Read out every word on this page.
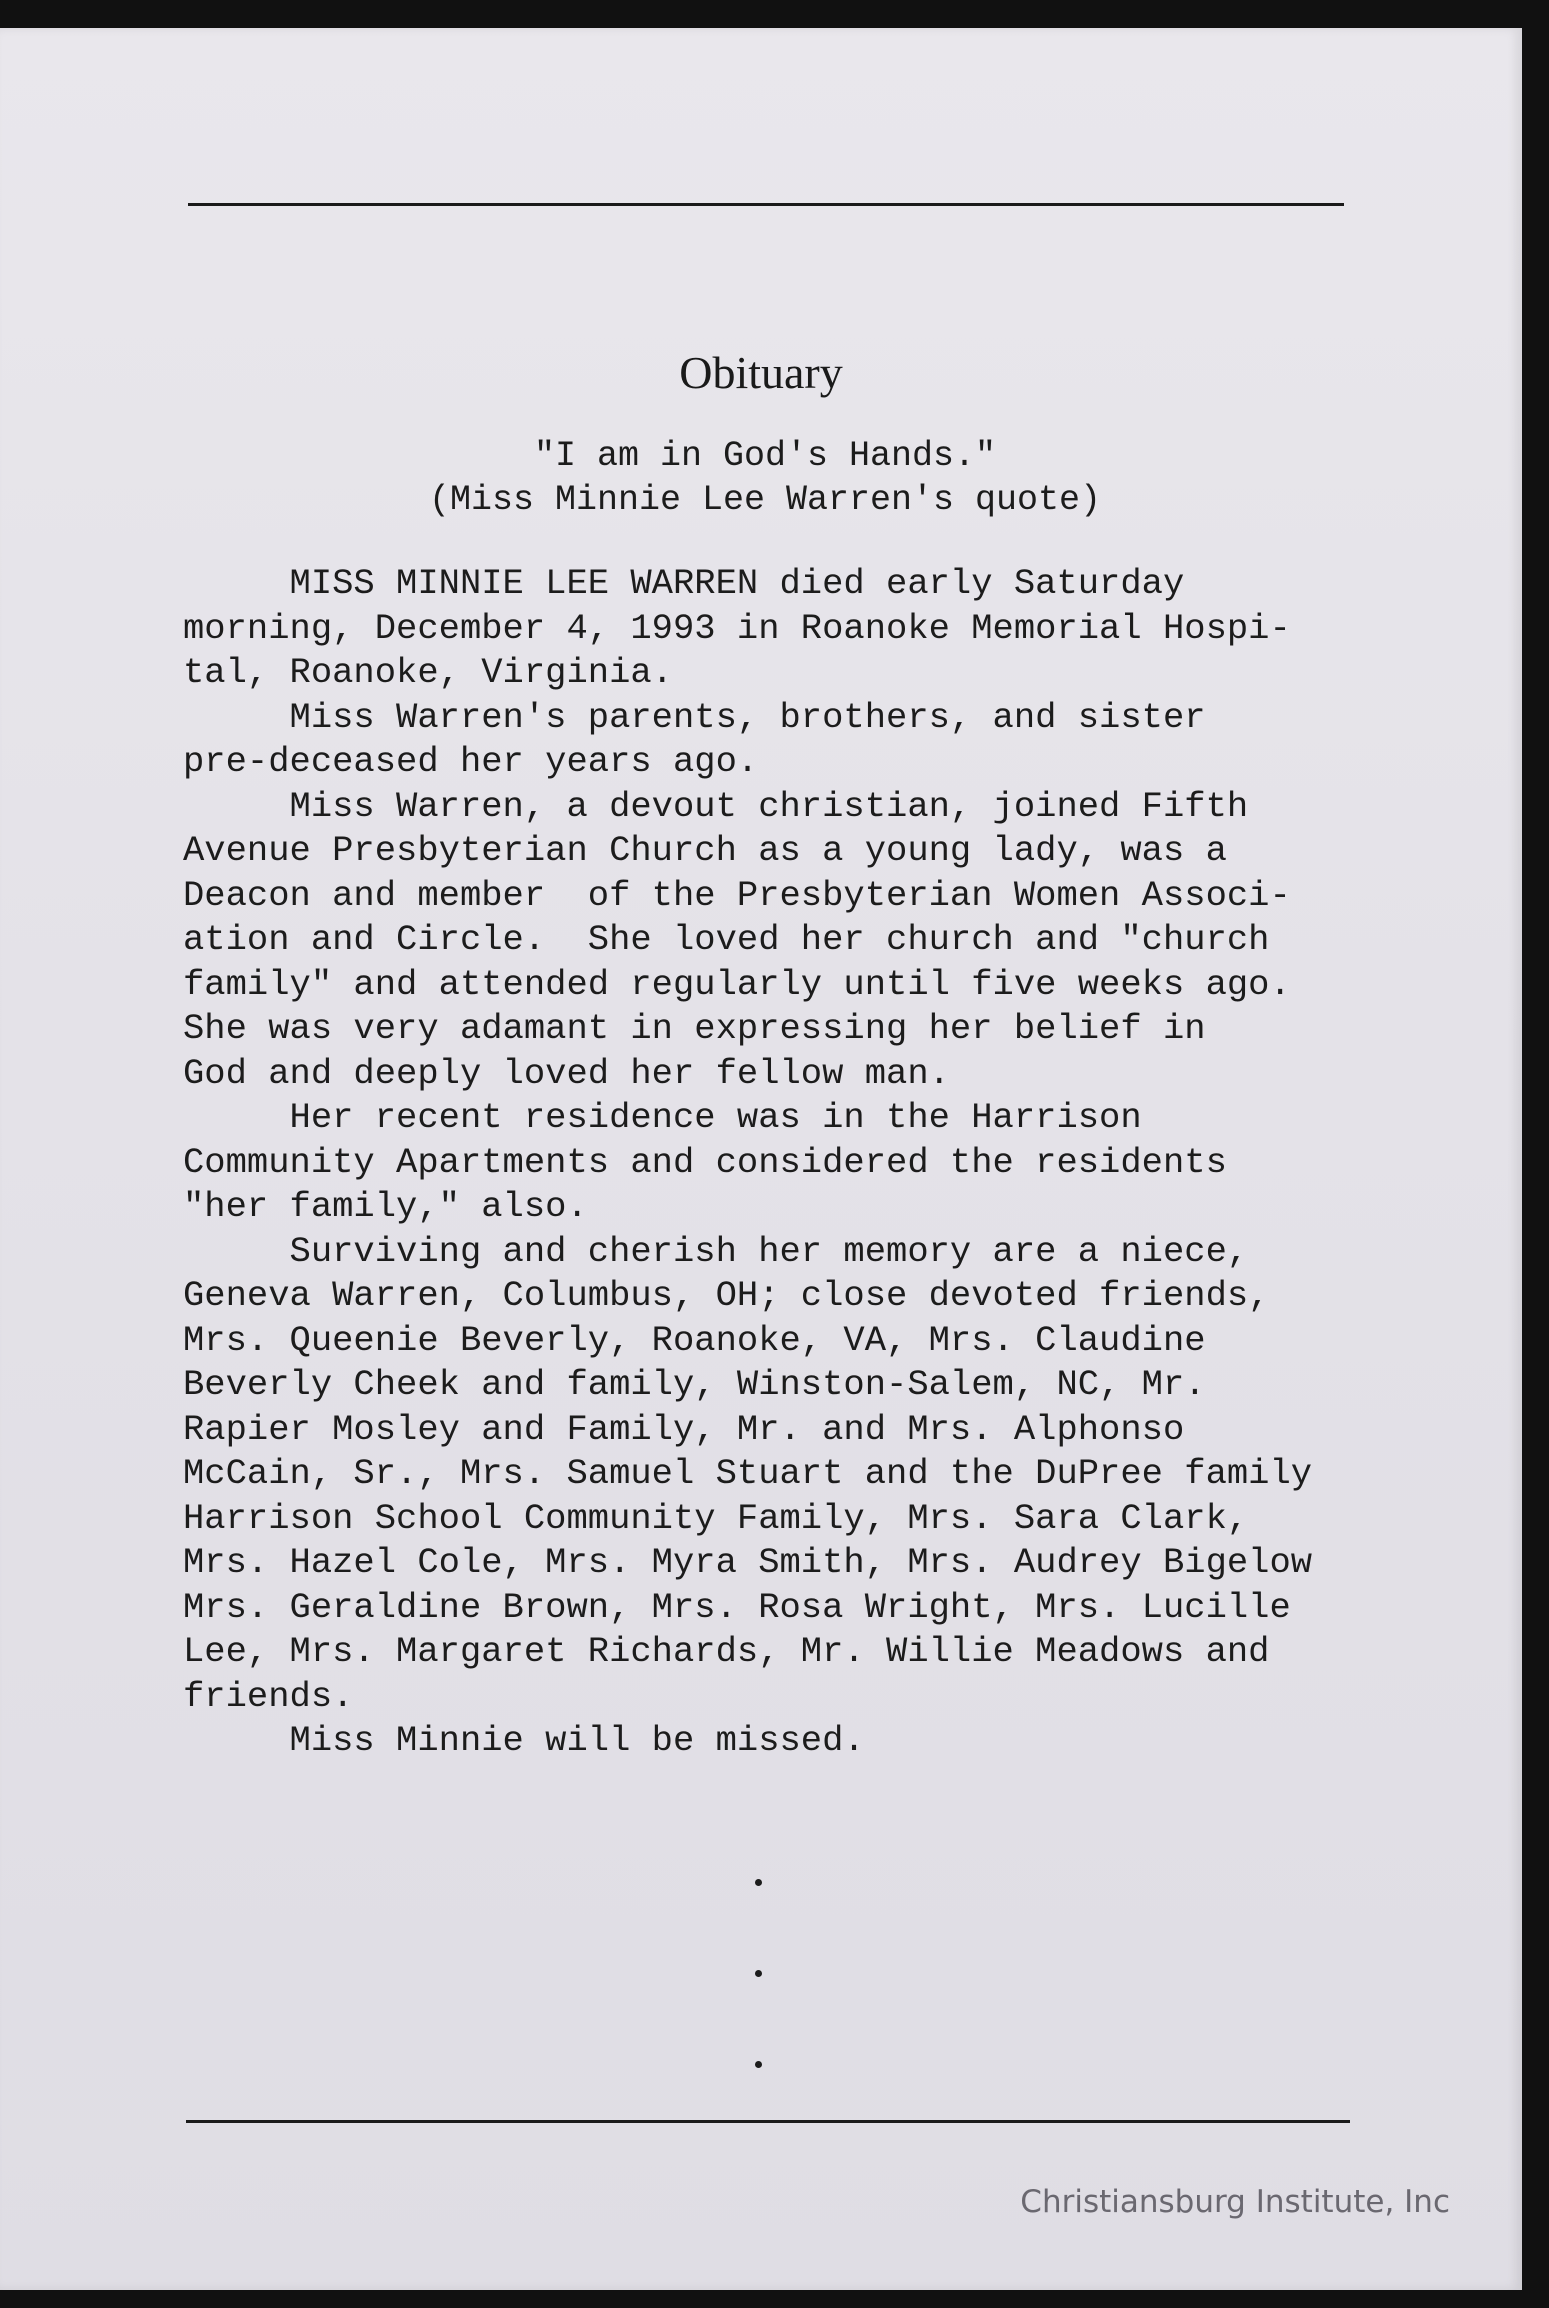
Obituary
"I am in God's Hands."
(Miss Minnie Lee Warren's quote)
MISS MINNIE LEE WARREN died early Saturday
morning, December 4, 1993 in Roanoke Memorial Hospi-
tal, Roanoke, Virginia.
Miss Warren's parents, brothers, and sister
pre-deceased her years ago.
Miss Warren, a devout christian, joined Fifth
Avenue Presbyterian Church as a young lady, was a
Deacon and member  of the Presbyterian Women Associ-
ation and Circle.  She loved her church and "church
family" and attended regularly until five weeks ago.
She was very adamant in expressing her belief in
God and deeply loved her fellow man.
Her recent residence was in the Harrison
Community Apartments and considered the residents
"her family," also.
Surviving and cherish her memory are a niece,
Geneva Warren, Columbus, OH; close devoted friends,
Mrs. Queenie Beverly, Roanoke, VA, Mrs. Claudine
Beverly Cheek and family, Winston-Salem, NC, Mr.
Rapier Mosley and Family, Mr. and Mrs. Alphonso
McCain, Sr., Mrs. Samuel Stuart and the DuPree family
Harrison School Community Family, Mrs. Sara Clark,
Mrs. Hazel Cole, Mrs. Myra Smith, Mrs. Audrey Bigelow
Mrs. Geraldine Brown, Mrs. Rosa Wright, Mrs. Lucille
Lee, Mrs. Margaret Richards, Mr. Willie Meadows and
friends.
Miss Minnie will be missed.
Christiansburg Institute, Inc
